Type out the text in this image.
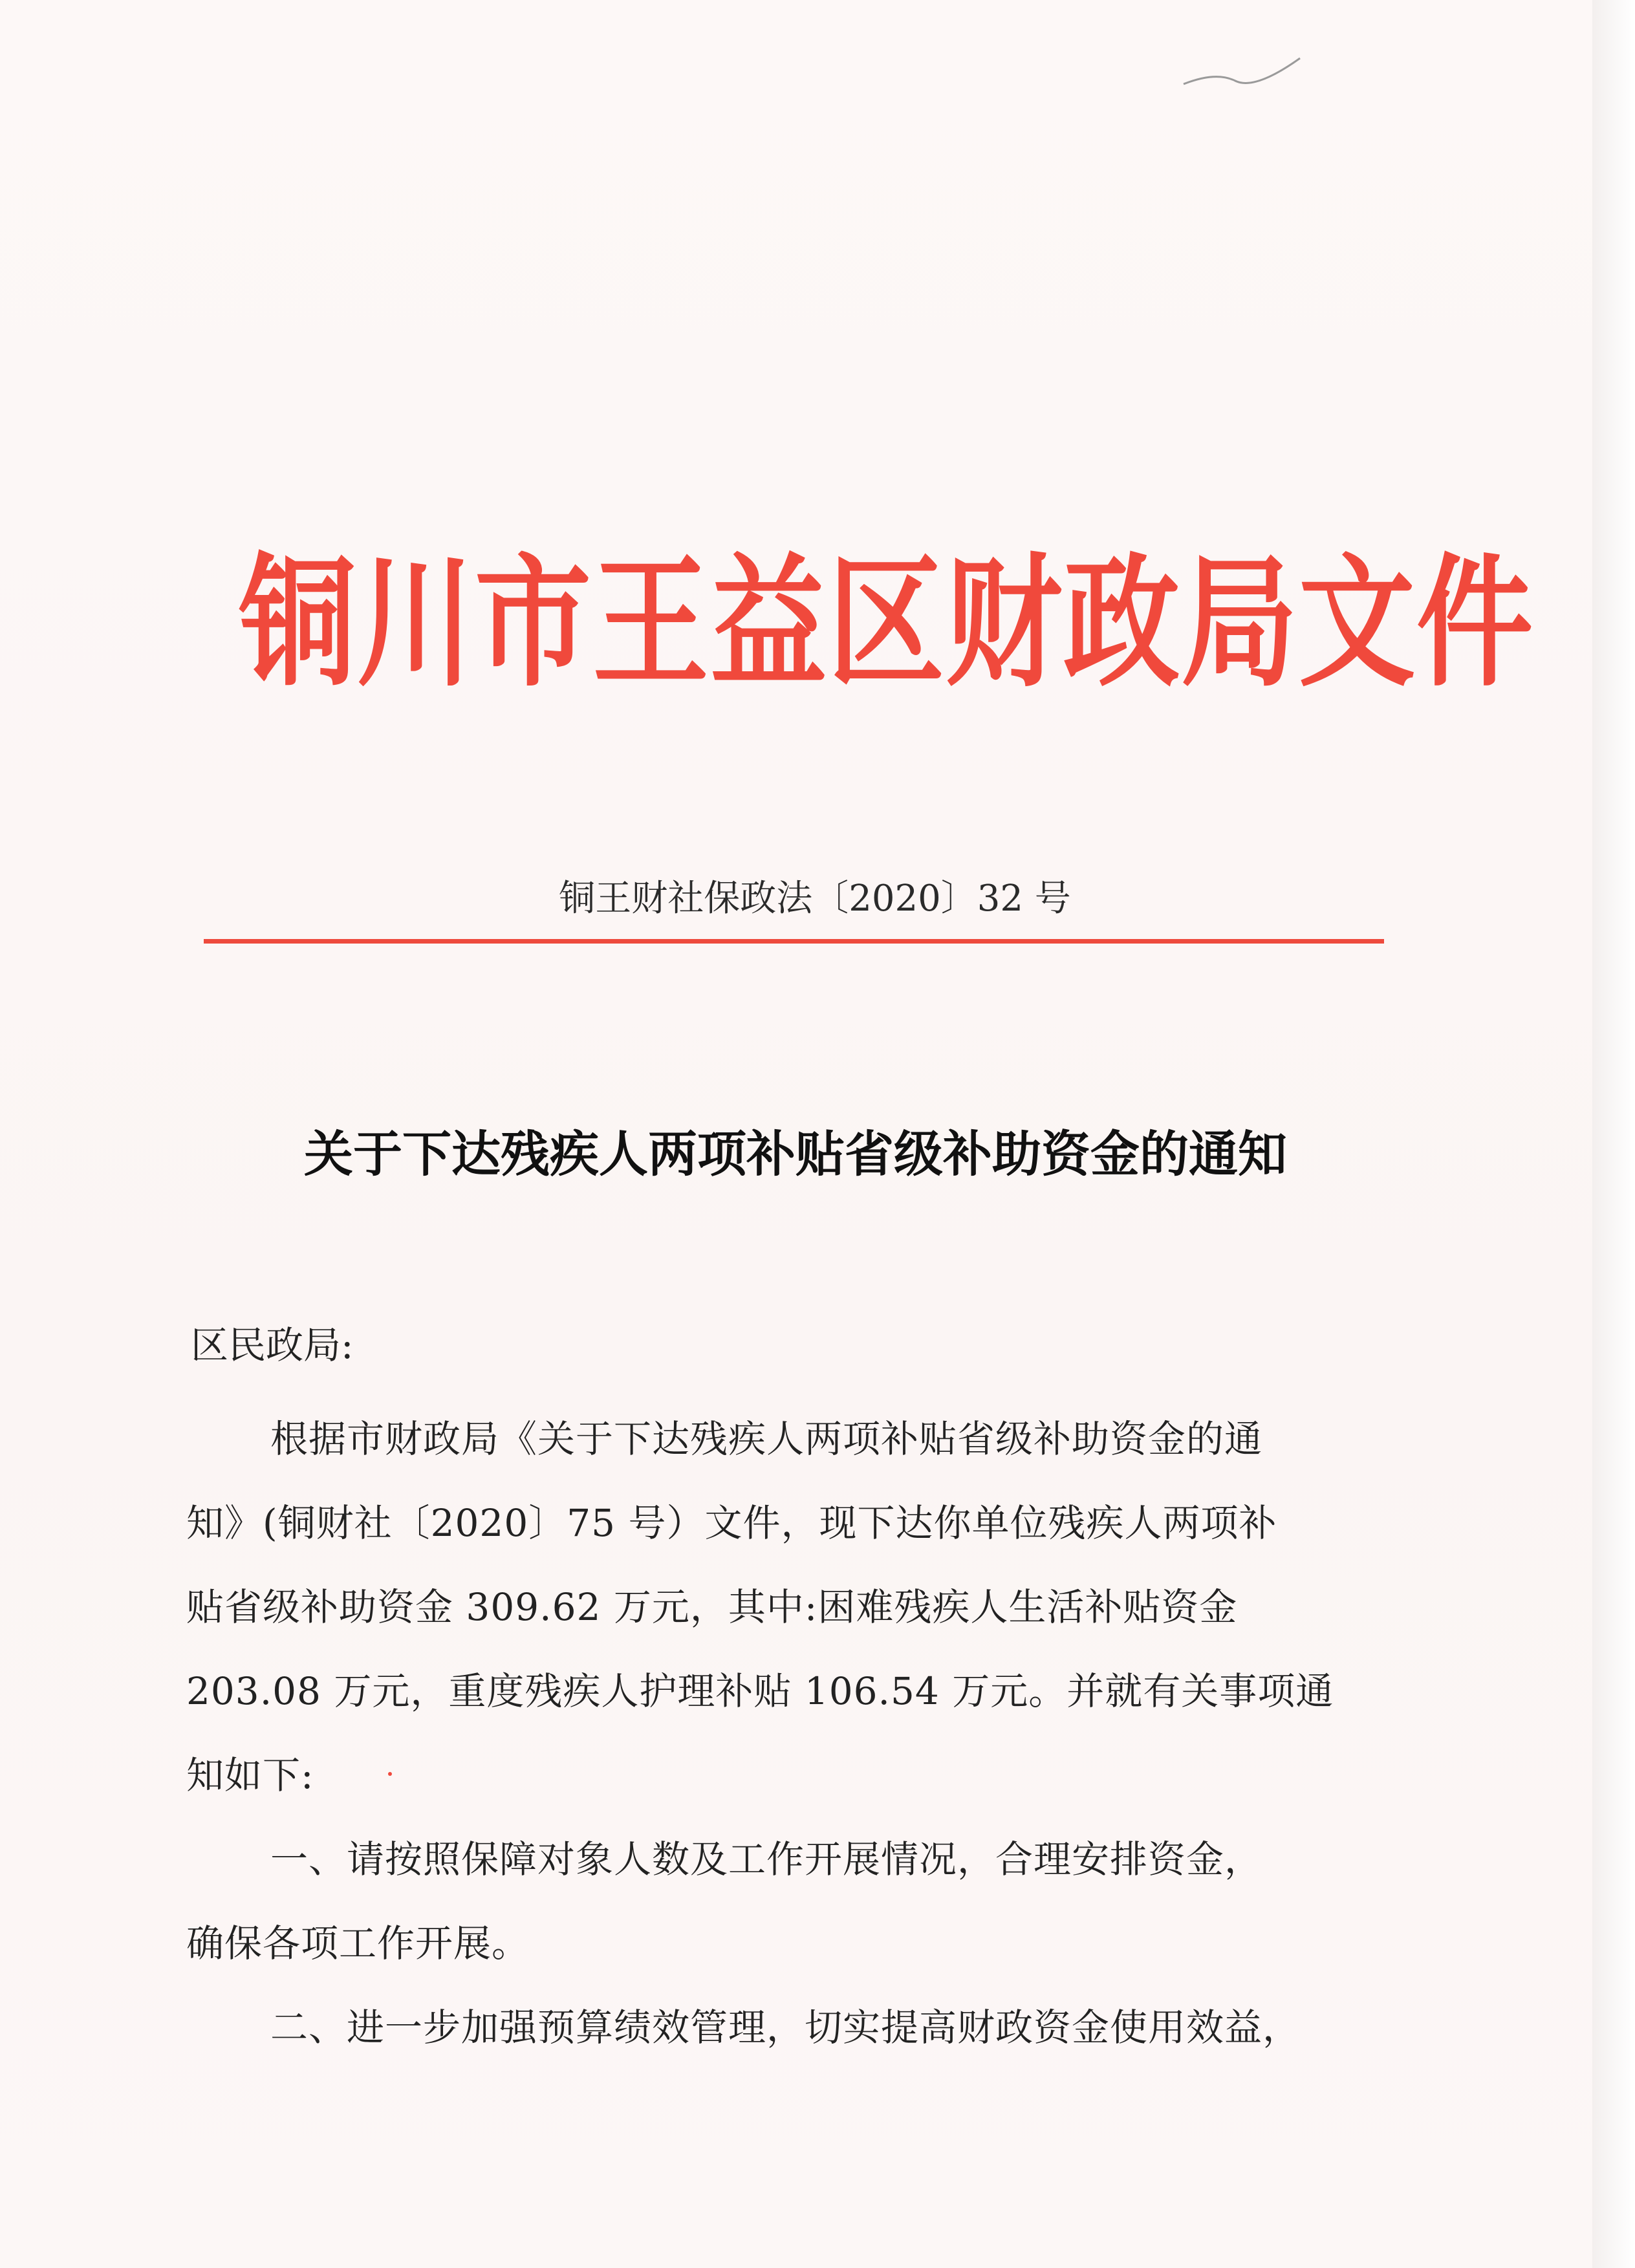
铜川市王益区财政局文件
铜王财社保政法〔2020〕32 号
关于下达残疾人两项补贴省级补助资金的通知
区民政局:
根据市财政局《关于下达残疾人两项补贴省级补助资金的通
知》(铜财社〔2020〕75 号）文件，现下达你单位残疾人两项补
贴省级补助资金 309.62 万元，其中:困难残疾人生活补贴资金
203.08 万元，重度残疾人护理补贴 106.54 万元。并就有关事项通
知如下:
一、请按照保障对象人数及工作开展情况，合理安排资金，
确保各项工作开展。
二、进一步加强预算绩效管理，切实提高财政资金使用效益，
